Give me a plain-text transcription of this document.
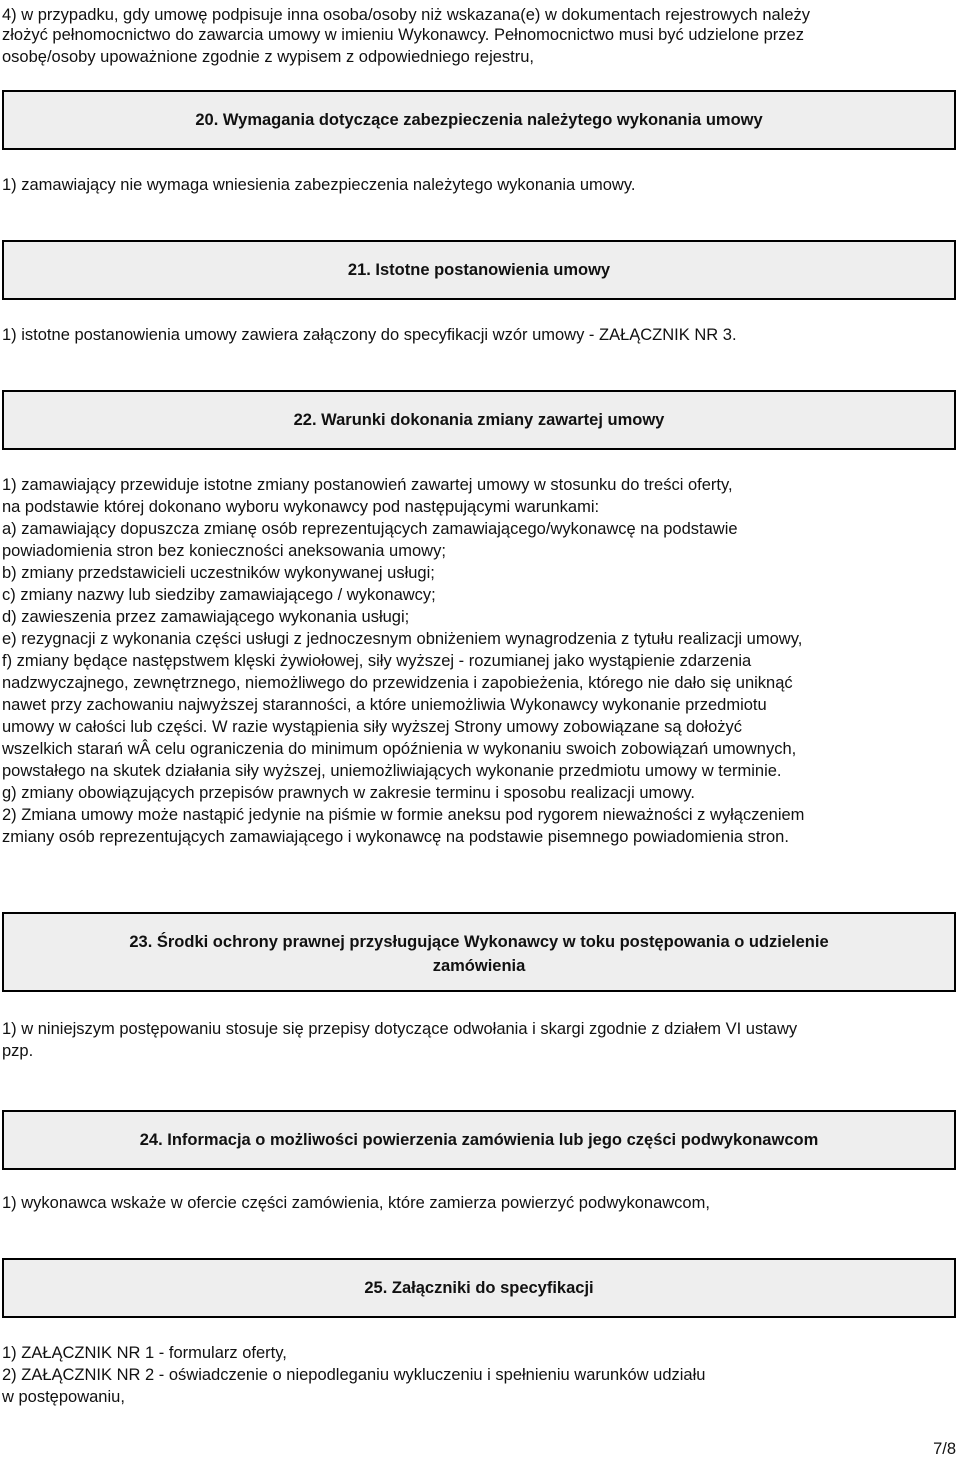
4) w przypadku, gdy umowę podpisuje inna osoba/osoby niż wskazana(e) w dokumentach rejestrowych należy
złożyć pełnomocnictwo do zawarcia umowy w imieniu Wykonawcy. Pełnomocnictwo musi być udzielone przez
osobę/osoby upoważnione zgodnie z wypisem z odpowiedniego rejestru,
20. Wymagania dotyczące zabezpieczenia należytego wykonania umowy
1) zamawiający nie wymaga wniesienia zabezpieczenia należytego wykonania umowy.
21. Istotne postanowienia umowy
1) istotne postanowienia umowy zawiera załączony do specyfikacji wzór umowy - ZAŁĄCZNIK NR 3.
22. Warunki dokonania zmiany zawartej umowy
1) zamawiający przewiduje istotne zmiany postanowień zawartej umowy w stosunku do treści oferty,
na podstawie której dokonano wyboru wykonawcy pod następującymi warunkami:
a) zamawiający dopuszcza zmianę osób reprezentujących zamawiającego/wykonawcę na podstawie
powiadomienia stron bez konieczności aneksowania umowy;
b) zmiany przedstawicieli uczestników wykonywanej usługi;
c) zmiany nazwy lub siedziby zamawiającego / wykonawcy;
d) zawieszenia przez zamawiającego wykonania usługi;
e) rezygnacji z wykonania części usługi z jednoczesnym obniżeniem wynagrodzenia z tytułu realizacji umowy,
f) zmiany będące następstwem klęski żywiołowej, siły wyższej - rozumianej jako wystąpienie zdarzenia
nadzwyczajnego, zewnętrznego, niemożliwego do przewidzenia i zapobieżenia, którego nie dało się uniknąć
nawet przy zachowaniu najwyższej staranności, a które uniemożliwia Wykonawcy wykonanie przedmiotu
umowy w całości lub części. W razie wystąpienia siły wyższej Strony umowy zobowiązane są dołożyć
wszelkich starań wÂ celu ograniczenia do minimum opóźnienia w wykonaniu swoich zobowiązań umownych,
powstałego na skutek działania siły wyższej, uniemożliwiających wykonanie przedmiotu umowy w terminie.
g) zmiany obowiązujących przepisów prawnych w zakresie terminu i sposobu realizacji umowy.
2) Zmiana umowy może nastąpić jedynie na piśmie w formie aneksu pod rygorem nieważności z wyłączeniem
zmiany osób reprezentujących zamawiającego i wykonawcę na podstawie pisemnego powiadomienia stron.
23. Środki ochrony prawnej przysługujące Wykonawcy w toku postępowania o udzielenie
zamówienia
1) w niniejszym postępowaniu stosuje się przepisy dotyczące odwołania i skargi zgodnie z działem VI ustawy
pzp.
24. Informacja o możliwości powierzenia zamówienia lub jego części podwykonawcom
1) wykonawca wskaże w ofercie części zamówienia, które zamierza powierzyć podwykonawcom,
25. Załączniki do specyfikacji
1) ZAŁĄCZNIK NR 1 - formularz oferty,
2) ZAŁĄCZNIK NR 2 - oświadczenie o niepodleganiu wykluczeniu i spełnieniu warunków udziału
w postępowaniu,
7/8
